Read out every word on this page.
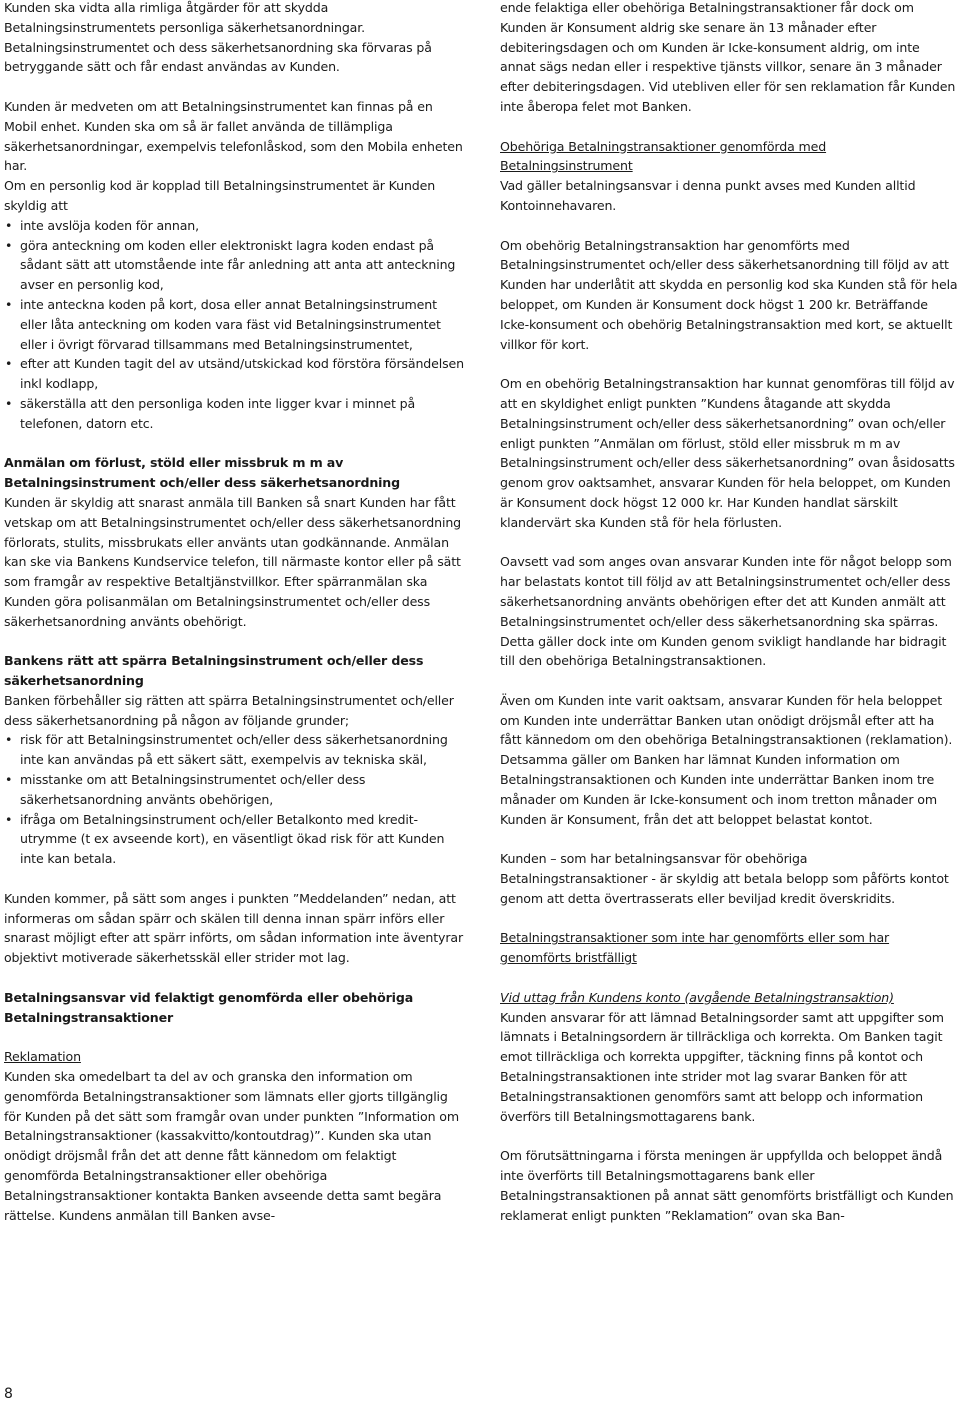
Kunden ska vidta alla rimliga åtgärder för att skydda Betalningsinstrumentets personliga säkerhetsanordningar. Betalningsinstrumentet och dess säkerhetsanordning ska förvaras på betryggande sätt och får endast användas av Kunden.

Kunden är medveten om att Betalningsinstrumentet kan finnas på en Mobil enhet. Kunden ska om så är fallet använda de tillämpliga säkerhetsanordningar, exempelvis telefonlåskod, som den Mobila enheten har.

Om en personlig kod är kopplad till Betalningsinstrumentet är Kunden skyldig att

• inte avslöja koden för annan,
• göra anteckning om koden eller elektroniskt lagra koden endast på sådant sätt att utomstående inte får anledning att anta att anteckning avser en personlig kod,
• inte anteckna koden på kort, dosa eller annat Betalningsinstrument eller låta anteckning om koden vara fäst vid Betalningsinstrumentet eller i övrigt förvarad tillsammans med Betalningsinstrumentet,
• efter att Kunden tagit del av utsänd/utskickad kod förstöra försändelsen inkl kodlapp,
• säkerställa att den personliga koden inte ligger kvar i minnet på telefonen, datorn etc.

Anmälan om förlust, stöld eller missbruk m m av Betalningsinstrument och/eller dess säkerhetsanordning

Kunden är skyldig att snarast anmäla till Banken så snart Kunden har fått vetskap om att Betalningsinstrumentet och/eller dess säkerhetsanordning förlorats, stulits, missbrukats eller använts utan godkännande. Anmälan kan ske via Bankens Kundservice telefon, till närmaste kontor eller på sätt som framgår av respektive Betaltjänstvillkor. Efter spärranmälan ska Kunden göra polisanmälan om Betalningsinstrumentet och/eller dess säkerhetsanordning använts obehörigt.

Bankens rätt att spärra Betalningsinstrument och/eller dess säkerhetsanordning

Banken förbehåller sig rätten att spärra Betalningsinstrumentet och/eller dess säkerhetsanordning på någon av följande grunder;

• risk för att Betalningsinstrumentet och/eller dess säkerhetsanordning inte kan användas på ett säkert sätt, exempelvis av tekniska skäl,
• misstanke om att Betalningsinstrumentet och/eller dess säkerhetsanordning använts obehörigen,
• ifråga om Betalningsinstrument och/eller Betalkonto med kreditutrymme (t ex avseende kort), en väsentligt ökad risk för att Kunden inte kan betala.

Kunden kommer, på sätt som anges i punkten ”Meddelanden” nedan, att informeras om sådan spärr och skälen till denna innan spärr införs eller snarast möjligt efter att spärr införts, om sådan information inte äventyrar objektivt motiverade säkerhetsskäl eller strider mot lag.

Betalningsansvar vid felaktigt genomförda eller obehöriga Betalningstransaktioner

Reklamation

Kunden ska omedelbart ta del av och granska den information om genomförda Betalningstransaktioner som lämnats eller gjorts tillgänglig för Kunden på det sätt som framgår ovan under punkten ”Information om Betalningstransaktioner (kassakvitto/kontoutdrag)”. Kunden ska utan onödigt dröjsmål från det att denne fått kännedom om felaktigt genomförda Betalningstransaktioner eller obehöriga Betalningstransaktioner kontakta Banken avseende detta samt begära rättelse. Kundens anmälan till Banken avse-

ende felaktiga eller obehöriga Betalningstransaktioner får dock om Kunden är Konsument aldrig ske senare än 13 månader efter debiteringsdagen och om Kunden är Icke-konsument aldrig, om inte annat sägs nedan eller i respektive tjänsts villkor, senare än 3 månader efter debiteringsdagen. Vid utebliven eller för sen reklamation får Kunden inte åberopa felet mot Banken.

Obehöriga Betalningstransaktioner genomförda med Betalningsinstrument

Vad gäller betalningsansvar i denna punkt avses med Kunden alltid Kontoinnehavaren.

Om obehörig Betalningstransaktion har genomförts med Betalningsinstrumentet och/eller dess säkerhetsanordning till följd av att Kunden har underlåtit att skydda en personlig kod ska Kunden stå för hela beloppet, om Kunden är Konsument dock högst 1 200 kr. Beträffande Icke-konsument och obehörig Betalningstransaktion med kort, se aktuellt villkor för kort.

Om en obehörig Betalningstransaktion har kunnat genomföras till följd av att en skyldighet enligt punkten ”Kundens åtagande att skydda Betalningsinstrument och/eller dess säkerhetsanordning” ovan och/eller enligt punkten ”Anmälan om förlust, stöld eller missbruk m m av Betalningsinstrument och/eller dess säkerhetsanordning” ovan åsidosatts genom grov oaktsamhet, ansvarar Kunden för hela beloppet, om Kunden är Konsument dock högst 12 000 kr. Har Kunden handlat särskilt klandervärt ska Kunden stå för hela förlusten.

Oavsett vad som anges ovan ansvarar Kunden inte för något belopp som har belastats kontot till följd av att Betalningsinstrumentet och/eller dess säkerhetsanordning använts obehörigen efter det att Kunden anmält att Betalningsinstrumentet och/eller dess säkerhetsanordning ska spärras. Detta gäller dock inte om Kunden genom svikligt handlande har bidragit till den obehöriga Betalningstransaktionen.

Även om Kunden inte varit oaktsam, ansvarar Kunden för hela beloppet om Kunden inte underrättar Banken utan onödigt dröjsmål efter att ha fått kännedom om den obehöriga Betalningstransaktionen (reklamation). Detsamma gäller om Banken har lämnat Kunden information om Betalningstransaktionen och Kunden inte underrättar Banken inom tre månader om Kunden är Icke-konsument och inom tretton månader om Kunden är Konsument, från det att beloppet belastat kontot.

Kunden – som har betalningsansvar för obehöriga Betalningstransaktioner - är skyldig att betala belopp som påförts kontot genom att detta övertrasserats eller beviljad kredit överskridits.

Betalningstransaktioner som inte har genomförts eller som har genomförts bristfälligt

Vid uttag från Kundens konto (avgående Betalningstransaktion)

Kunden ansvarar för att lämnad Betalningsorder samt att uppgifter som lämnats i Betalningsordern är tillräckliga och korrekta. Om Banken tagit emot tillräckliga och korrekta uppgifter, täckning finns på kontot och Betalningstransaktionen inte strider mot lag svarar Banken för att Betalningstransaktionen genomförs samt att belopp och information överförs till Betalningsmottagarens bank.

Om förutsättningarna i första meningen är uppfyllda och beloppet ändå inte överförts till Betalningsmottagarens bank eller Betalningstransaktionen på annat sätt genomförts bristfälligt och Kunden reklamerat enligt punkten ”Reklamation” ovan ska Ban-

8
